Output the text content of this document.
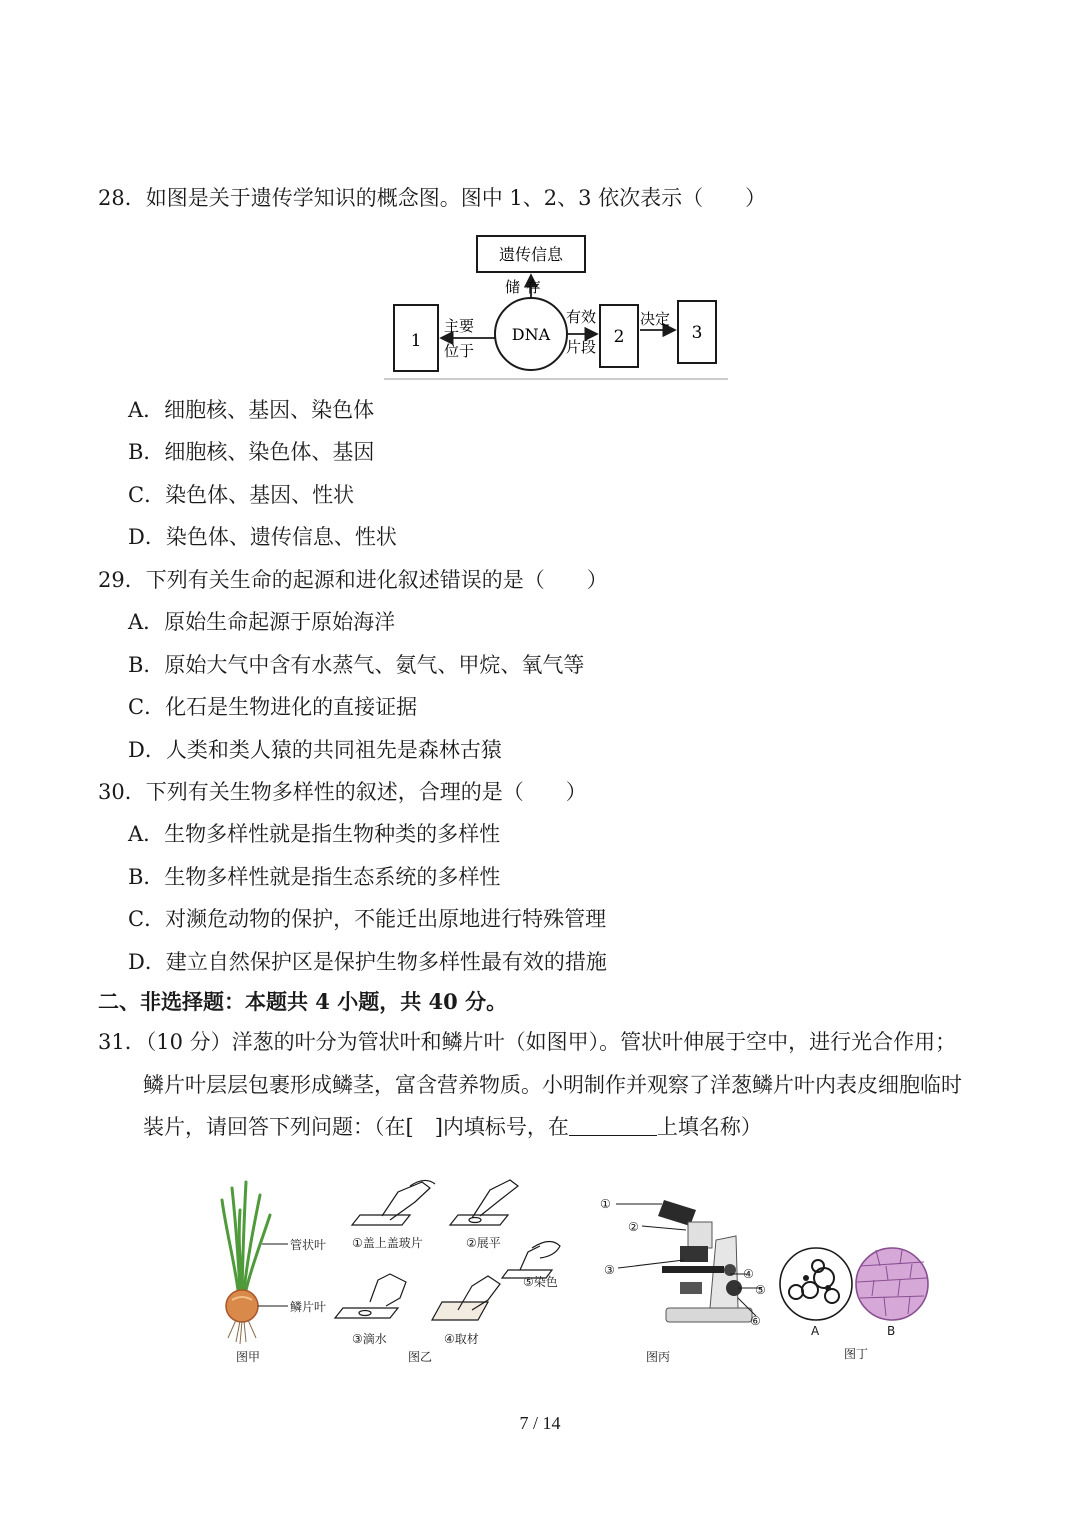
28．如图是关于遗传学知识的概念图。图中 1、2、3 依次表示（　　）
遗传信息
储存
DNA
1
主要
位于
2
有效
片段
3
决定
A．细胞核、基因、染色体
B．细胞核、染色体、基因
C．染色体、基因、性状
D．染色体、遗传信息、性状
29．下列有关生命的起源和进化叙述错误的是（　　）
A．原始生命起源于原始海洋
B．原始大气中含有水蒸气、氨气、甲烷、氧气等
C．化石是生物进化的直接证据
D．人类和类人猿的共同祖先是森林古猿
30．下列有关生物多样性的叙述，合理的是（　　）
A．生物多样性就是指生物种类的多样性
B．生物多样性就是指生态系统的多样性
C．对濒危动物的保护，不能迁出原地进行特殊管理
D．建立自然保护区是保护生物多样性最有效的措施
二、非选择题：本题共 4 小题，共 40 分。
31．（10 分）洋葱的叶分为管状叶和鳞片叶（如图甲）。管状叶伸展于空中，进行光合作用；
鳞片叶层层包裹形成鳞茎，富含营养物质。小明制作并观察了洋葱鳞片叶内表皮细胞临时
装片，请回答下列问题：（在[　]内填标号，在	上填名称）
管状叶
鳞片叶
图甲
①盖上盖玻片	②展平
⑤染色
③滴水	④取材
图乙
①
②
③	④
⑤
⑥
图丙
A	B
图丁
7 / 14
